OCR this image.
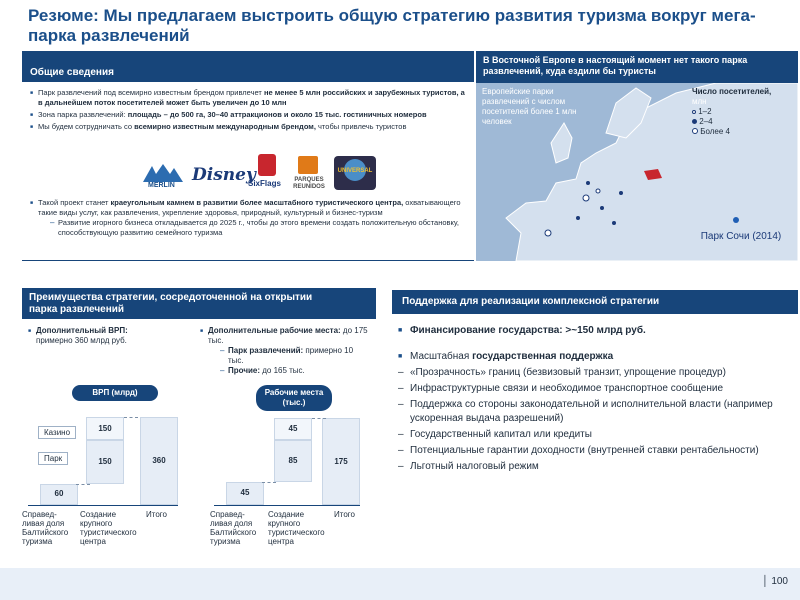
Резюме: Мы предлагаем выстроить общую стратегию развития туризма вокруг мега-парка развлечений
Общие сведения
■ Парк развлечений под всемирно известным брендом привлечет не менее 5 млн российских и зарубежных туристов, а в дальнейшем поток посетителей может быть увеличен до 10 млн
■ Зона парка развлечений: площадь – до 500 га, 30–40 аттракционов и около 15 тыс. гостиничных номеров
■ Мы будем сотрудничать со всемирно известным международным брендом, чтобы привлечь туристов
MERLIN
Disney
SixFlags	PARQUES REUNIDOS
UNIVERSAL
■ Такой проект станет краеугольным камнем в развитии более масштабного туристического центра, охватывающего такие виды услуг, как развлечения, укрепление здоровья, природный, культурный и бизнес-туризм
– Развитие игорного бизнеса откладывается до 2025 г., чтобы до этого времени создать положительную обстановку, способствующую развитию семейного туризма
В Восточной Европе в настоящий момент нет такого парка развлечений, куда ездили бы туристы
Европейские парки развлечений с числом посетителей более 1 млн человек
Число посетителей,
млн
1–2
2–4
Более 4
Парк Сочи (2014)
Преимущества стратегии, сосредоточенной на открытии парка развлечений
■ Дополнительный ВРП:
примерно 360 млрд руб.
■ Дополнительные рабочие места: до 175 тыс.
– Парк развлечений: примерно 10 тыс.
– Прочие: до 165 тыс.
ВРП (млрд)
60
150
150
360
Казино
Парк
Справед-ливая доля Балтийского туризма
Создание крупного туристического центра
Итого
Рабочие места (тыс.)
45
85
45
175
Справед-ливая доля Балтийского туризма
Создание крупного туристического центра
Итого
Поддержка для реализации комплексной стратегии
■ Финансирование государства: >~150 млрд руб.
■ Масштабная государственная поддержка
– «Прозрачность» границ (безвизовый транзит, упрощение процедур)
– Инфраструктурные связи и необходимое транспортное сообщение
– Поддержка со стороны законодательной и исполнительной власти (например ускоренная выдача разрешений)
– Государственный капитал или кредиты
– Потенциальные гарантии доходности (внутренней ставки рентабельности)
– Льготный налоговый режим
│ 100
